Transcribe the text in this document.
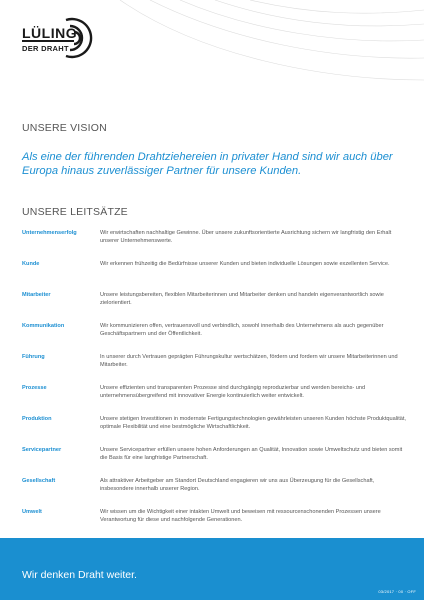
LÜLING
DER DRAHT
UNSERE VISION
Als eine der führenden Drahtziehereien in privater Hand sind wir auch über Europa hinaus zuverlässiger Partner für unsere Kunden.
UNSERE LEITSÄTZE
Unternehmenserfolg	Wir erwirtschaften nachhaltige Gewinne. Über unsere zukunftsorientierte Ausrichtung sichern wir langfristig den Erhalt unserer Unternehmenswerte.
Kunde	Wir erkennen frühzeitig die Bedürfnisse unserer Kunden und bieten individuelle Lösungen sowie exzellenten Service.
Mitarbeiter	Unsere leistungsbereiten, flexiblen Mitarbeiterinnen und Mitarbeiter denken und handeln eigenverantwortlich sowie zielorientiert.
Kommunikation	Wir kommunizieren offen, vertrauensvoll und verbindlich, sowohl innerhalb des Unternehmens als auch gegenüber Geschäftspartnern und der Öffentlichkeit.
Führung	In unserer durch Vertrauen geprägten Führungskultur wertschätzen, fördern und fordern wir unsere Mitarbeiterinnen und Mitarbeiter.
Prozesse	Unsere effizienten und transparenten Prozesse sind durchgängig reproduzierbar und werden bereichs- und unternehmensübergreifend mit innovativer Energie kontinuierlich weiter entwickelt.
Produktion	Unsere stetigen Investitionen in modernste Fertigungstechnologien gewährleisten unseren Kunden höchste Produktqualität, optimale Flexibilität und eine bestmögliche Wirtschaftlichkeit.
Servicepartner	Unsere Servicepartner erfüllen unsere hohen Anforderungen an Qualität, Innovation sowie Umweltschutz und bieten somit die Basis für eine langfristige Partnerschaft.
Gesellschaft	Als attraktiver Arbeitgeber am Standort Deutschland engagieren wir uns aus Überzeugung für die Gesellschaft, insbesondere innerhalb unserer Region.
Umwelt	Wir wissen um die Wichtigkeit einer intakten Umwelt und beweisen mit ressourcenschonenden Prozessen unsere Verantwortung für diese und nachfolgende Generationen.
Wir denken Draht weiter.
03/2017 · 00 · OFF
